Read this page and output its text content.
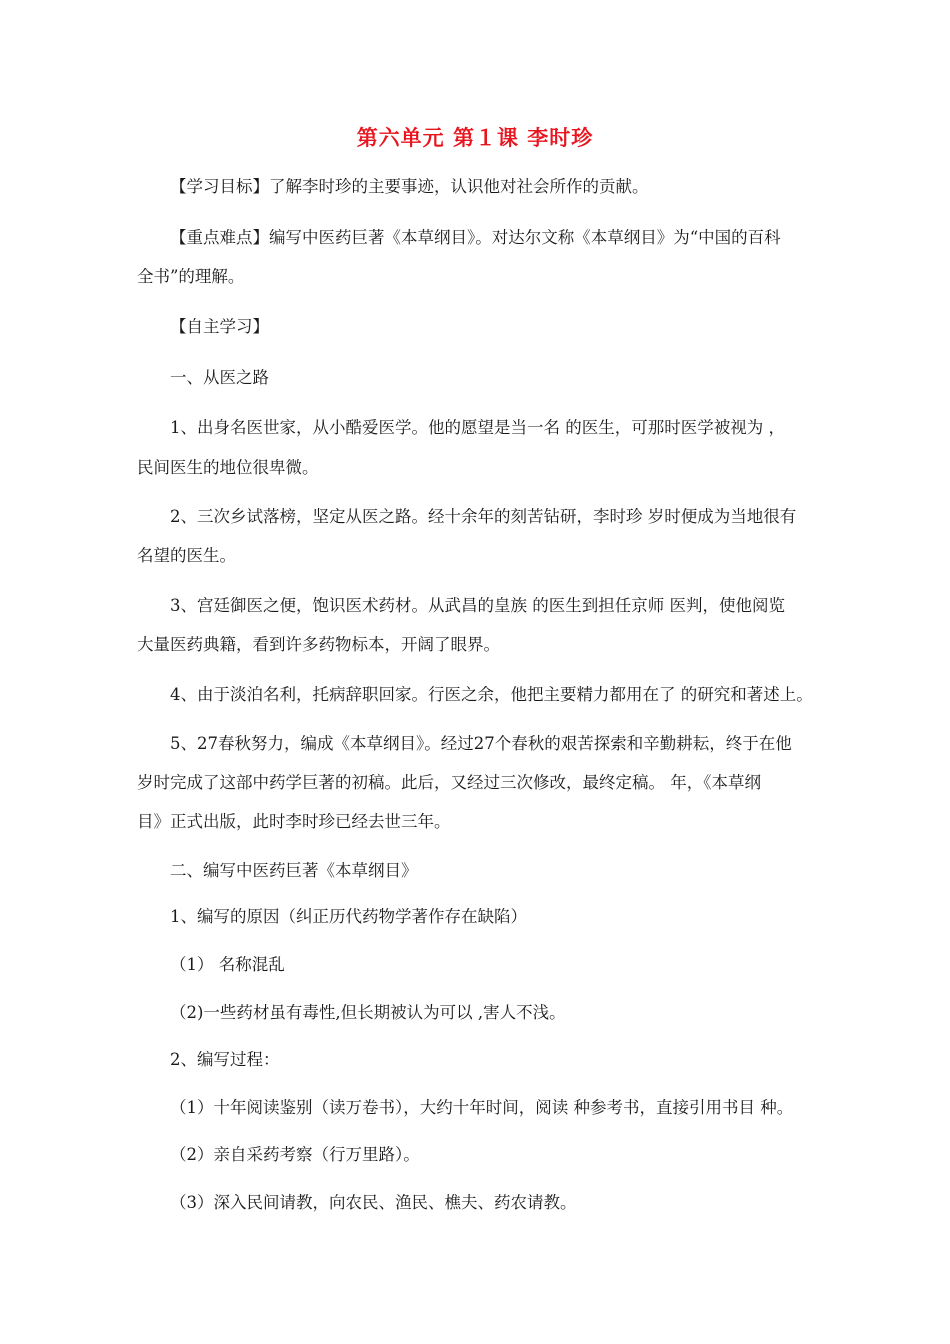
第六单元 第１课 李时珍
【学习目标】了解李时珍的主要事迹，认识他对社会所作的贡献。
【重点难点】编写中医药巨著《本草纲目》。对达尔文称《本草纲目》为“中国的百科
全书”的理解。
【自主学习】
一、从医之路
1、出身名医世家，从小酷爱医学。他的愿望是当一名 的医生，可那时医学被视为 ，
民间医生的地位很卑微。
2、三次乡试落榜，坚定从医之路。经十余年的刻苦钻研，李时珍 岁时便成为当地很有
名望的医生。
3、宫廷御医之便，饱识医术药材。从武昌的皇族 的医生到担任京师 医判，使他阅览
大量医药典籍，看到许多药物标本，开阔了眼界。
4、由于淡泊名利，托病辞职回家。行医之余，他把主要精力都用在了 的研究和著述上。
5、27春秋努力，编成《本草纲目》。经过27个春秋的艰苦探索和辛勤耕耘，终于在他
岁时完成了这部中药学巨著的初稿。此后，又经过三次修改，最终定稿。 年，《本草纲
目》正式出版，此时李时珍已经去世三年。
二、编写中医药巨著《本草纲目》
1、编写的原因（纠正历代药物学著作存在缺陷）
（1） 名称混乱
（2)一些药材虽有毒性,但长期被认为可以 ,害人不浅。
2、编写过程：
（1）十年阅读鉴别（读万卷书），大约十年时间，阅读 种参考书，直接引用书目 种。
（2）亲自采药考察（行万里路）。
（3）深入民间请教，向农民、渔民、樵夫、药农请教。
